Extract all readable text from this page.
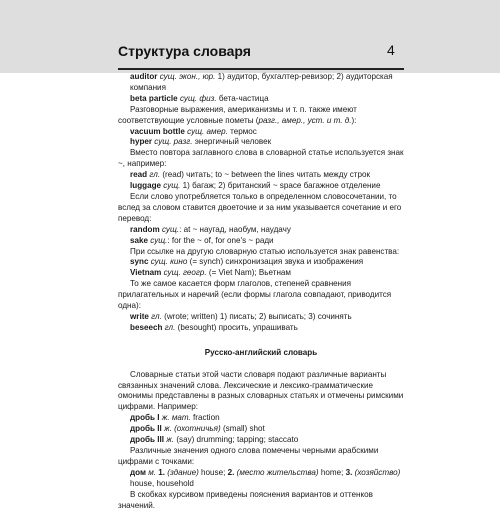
Структура словаря	4

auditor сущ. экон., юр. 1) аудитор, бухгалтер-ревизор; 2) аудиторская компания

beta particle сущ. физ. бета-частица

Разговорные выражения, американизмы и т. п. также имеют соответствующие условные пометы (разг., амер., уст. и т. д.):

vacuum bottle сущ. амер. термос

hyper сущ. разг. энергичный человек

Вместо повтора заглавного слова в словарной статье используется знак ~, например:

read гл. (read) читать; to ~ between the lines читать между строк

luggage сущ. 1) багаж; 2) британский ~ space багажное отделение

Если слово употребляется только в определенном словосочетании, то вслед за словом ставится двоеточие и за ним указывается сочетание и его перевод:

random сущ.: at ~ наугад, наобум, наудачу

sake сущ.: for the ~ of, for one's ~ ради

При ссылке на другую словарную статью используется знак равенства:

sync сущ. кино (= synch) синхронизация звука и изображения

Vietnam сущ. геогр. (= Viet Nam); Вьетнам

То же самое касается форм глаголов, степеней сравнения прилагательных и наречий (если формы глагола совпадают, приводится одна):

write гл. (wrote; written) 1) писать; 2) выписать; 3) сочинять

beseech гл. (besought) просить, упрашивать

Русско-английский словарь

Словарные статьи этой части словаря подают различные варианты связанных значений слова. Лексические и лексико-грамматические омонимы представлены в разных словарных статьях и отмечены римскими цифрами. Например:

дробь I ж. мат. fraction

дробь II ж. (охотничья) (small) shot

дробь III ж. (say) drumming; tapping; staccato

Различные значения одного слова помечены черными арабскими цифрами с точками:

дом м. 1. (здание) house; 2. (место жительства) home; 3. (хозяйство) house, household

В скобках курсивом приведены пояснения вариантов и оттенков значений.
